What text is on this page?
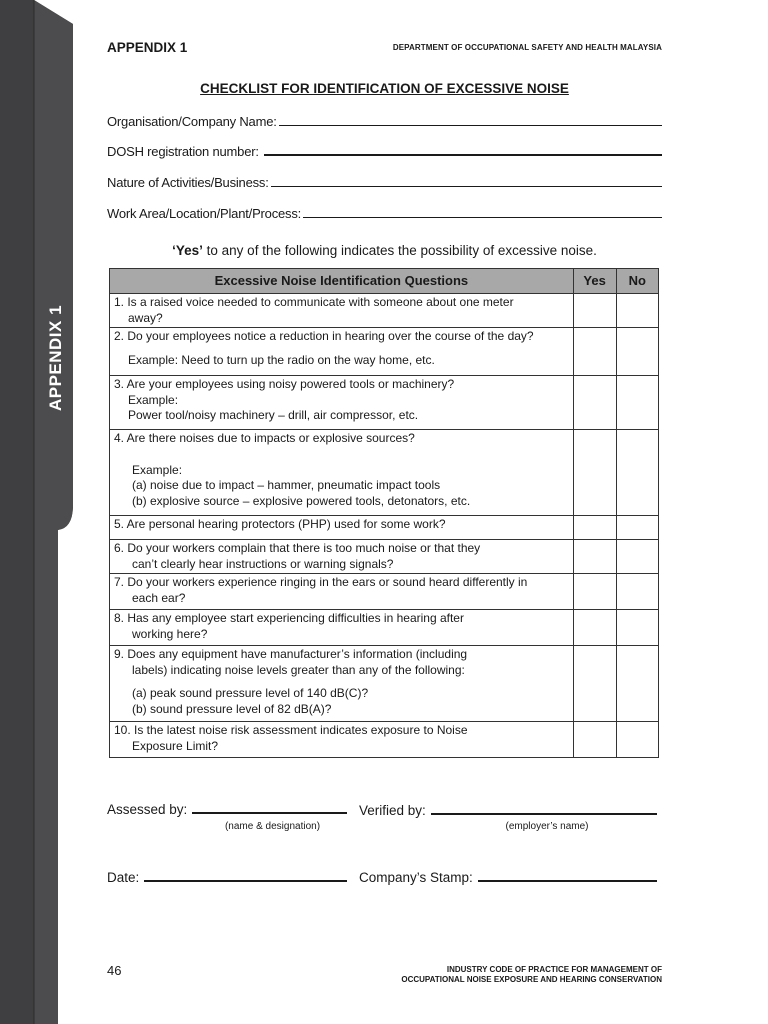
APPENDIX 1
APPENDIX 1	DEPARTMENT OF OCCUPATIONAL SAFETY AND HEALTH MALAYSIA
CHECKLIST FOR IDENTIFICATION OF EXCESSIVE NOISE
Organisation/Company Name:
DOSH registration number:
Nature of Activities/Business:
Work Area/Location/Plant/Process:
‘Yes’ to any of the following indicates the possibility of excessive noise.
Excessive Noise Identification Questions	Yes	No

1. Is a raised voice needed to communicate with someone about one meter
away?		

2. Do your employees notice a reduction in hearing over the course of the day?
Example: Need to turn up the radio on the way home, etc.		

3. Are your employees using noisy powered tools or machinery?
Example:
Power tool/noisy machinery – drill, air compressor, etc.		

4. Are there noises due to impacts or explosive sources?
Example:
(a) noise due to impact – hammer, pneumatic impact tools
(b) explosive source – explosive powered tools, detonators, etc.		

5. Are personal hearing protectors (PHP) used for some work?		

6. Do your workers complain that there is too much noise or that they
can’t clearly hear instructions or warning signals?		

7. Do your workers experience ringing in the ears or sound heard differently in
each ear?		

8. Has any employee start experiencing difficulties in hearing after
working here?		

9. Does any equipment have manufacturer’s information (including
labels) indicating noise levels greater than any of the following:
(a) peak sound pressure level of 140 dB(C)?
(b) sound pressure level of 82 dB(A)?		

10. Is the latest noise risk assessment indicates exposure to Noise
Exposure Limit?		

Assessed by:
(name & designation)
Verified by:
(employer’s name)
Date:	Company’s Stamp:
46	INDUSTRY CODE OF PRACTICE FOR MANAGEMENT OF
OCCUPATIONAL NOISE EXPOSURE AND HEARING CONSERVATION
